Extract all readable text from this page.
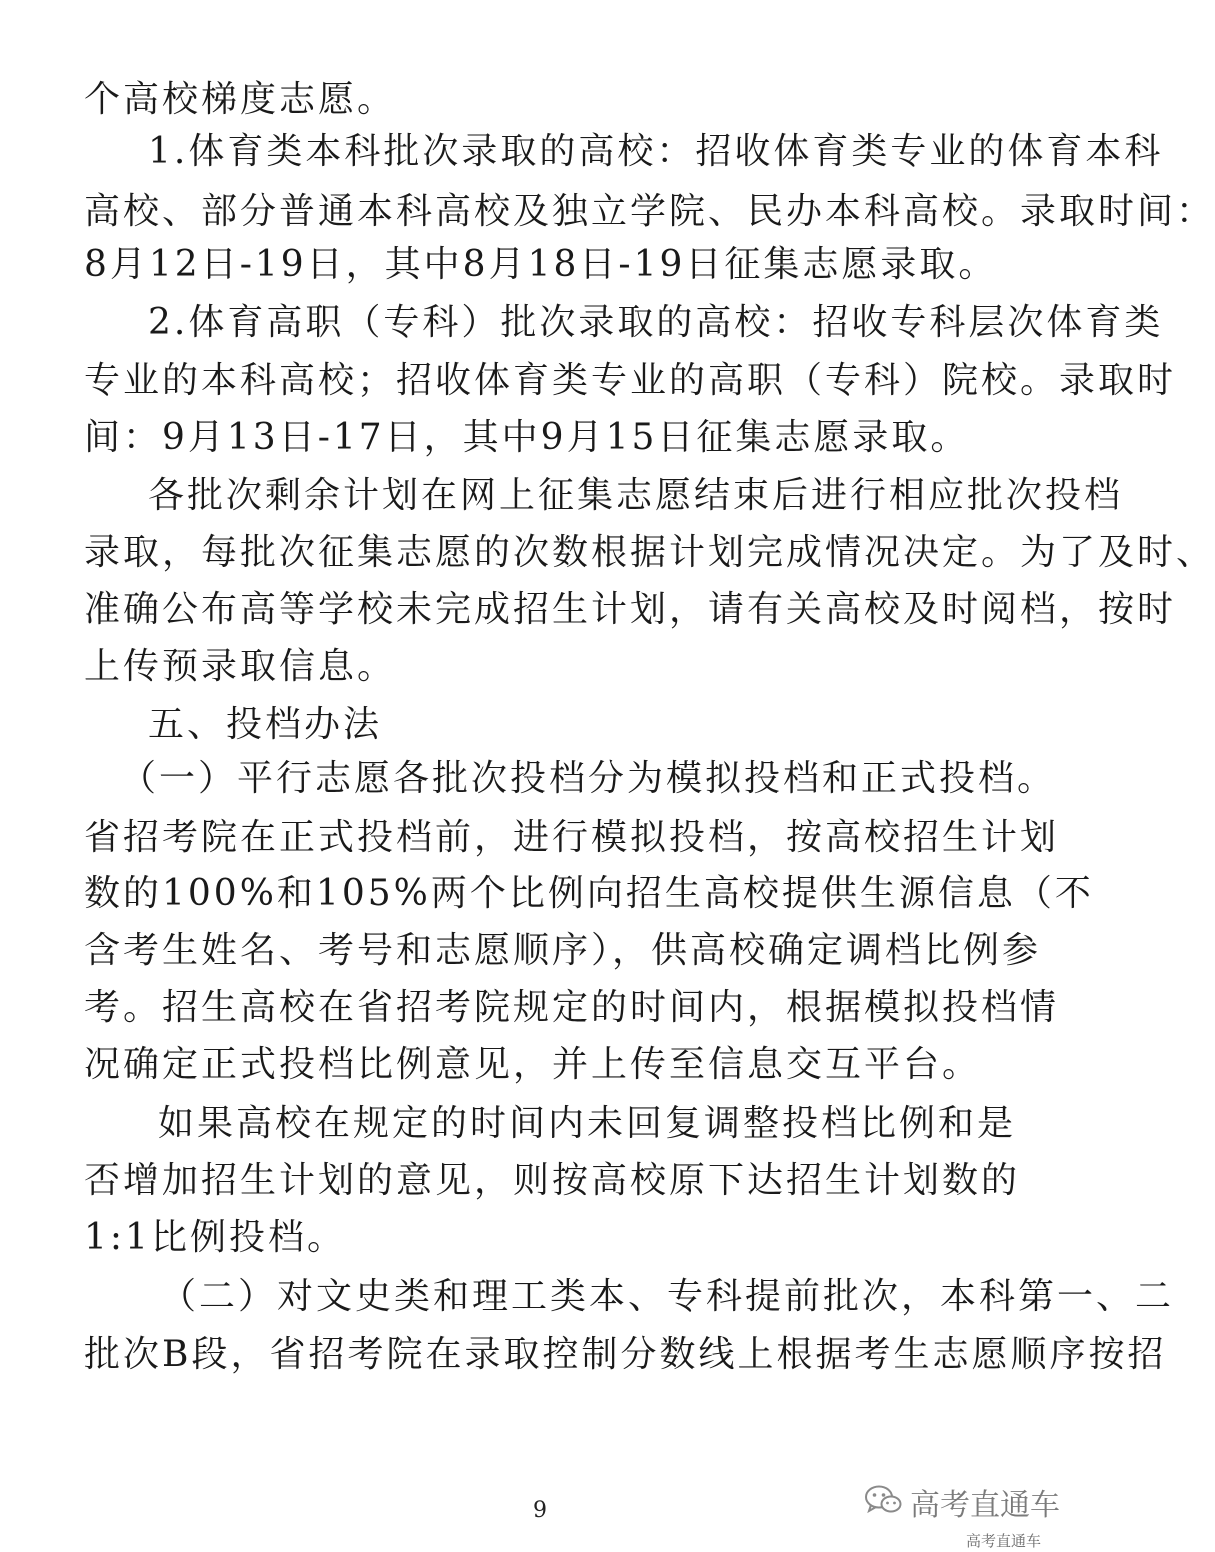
个高校梯度志愿。
1.体育类本科批次录取的高校：招收体育类专业的体育本科
高校、部分普通本科高校及独立学院、民办本科高校。录取时间：
8月12日-19日，其中8月18日-19日征集志愿录取。
2.体育高职（专科）批次录取的高校：招收专科层次体育类
专业的本科高校；招收体育类专业的高职（专科）院校。录取时
间：9月13日-17日，其中9月15日征集志愿录取。
各批次剩余计划在网上征集志愿结束后进行相应批次投档
录取，每批次征集志愿的次数根据计划完成情况决定。为了及时、
准确公布高等学校未完成招生计划，请有关高校及时阅档，按时
上传预录取信息。
五、投档办法
（一）平行志愿各批次投档分为模拟投档和正式投档。
省招考院在正式投档前，进行模拟投档，按高校招生计划
数的100%和105%两个比例向招生高校提供生源信息（不
含考生姓名、考号和志愿顺序），供高校确定调档比例参
考。招生高校在省招考院规定的时间内，根据模拟投档情
况确定正式投档比例意见，并上传至信息交互平台。
如果高校在规定的时间内未回复调整投档比例和是
否增加招生计划的意见，则按高校原下达招生计划数的
1:1比例投档。
（二）对文史类和理工类本、专科提前批次，本科第一、二
批次B段，省招考院在录取控制分数线上根据考生志愿顺序按招
9	高考直通车
高考直通车
